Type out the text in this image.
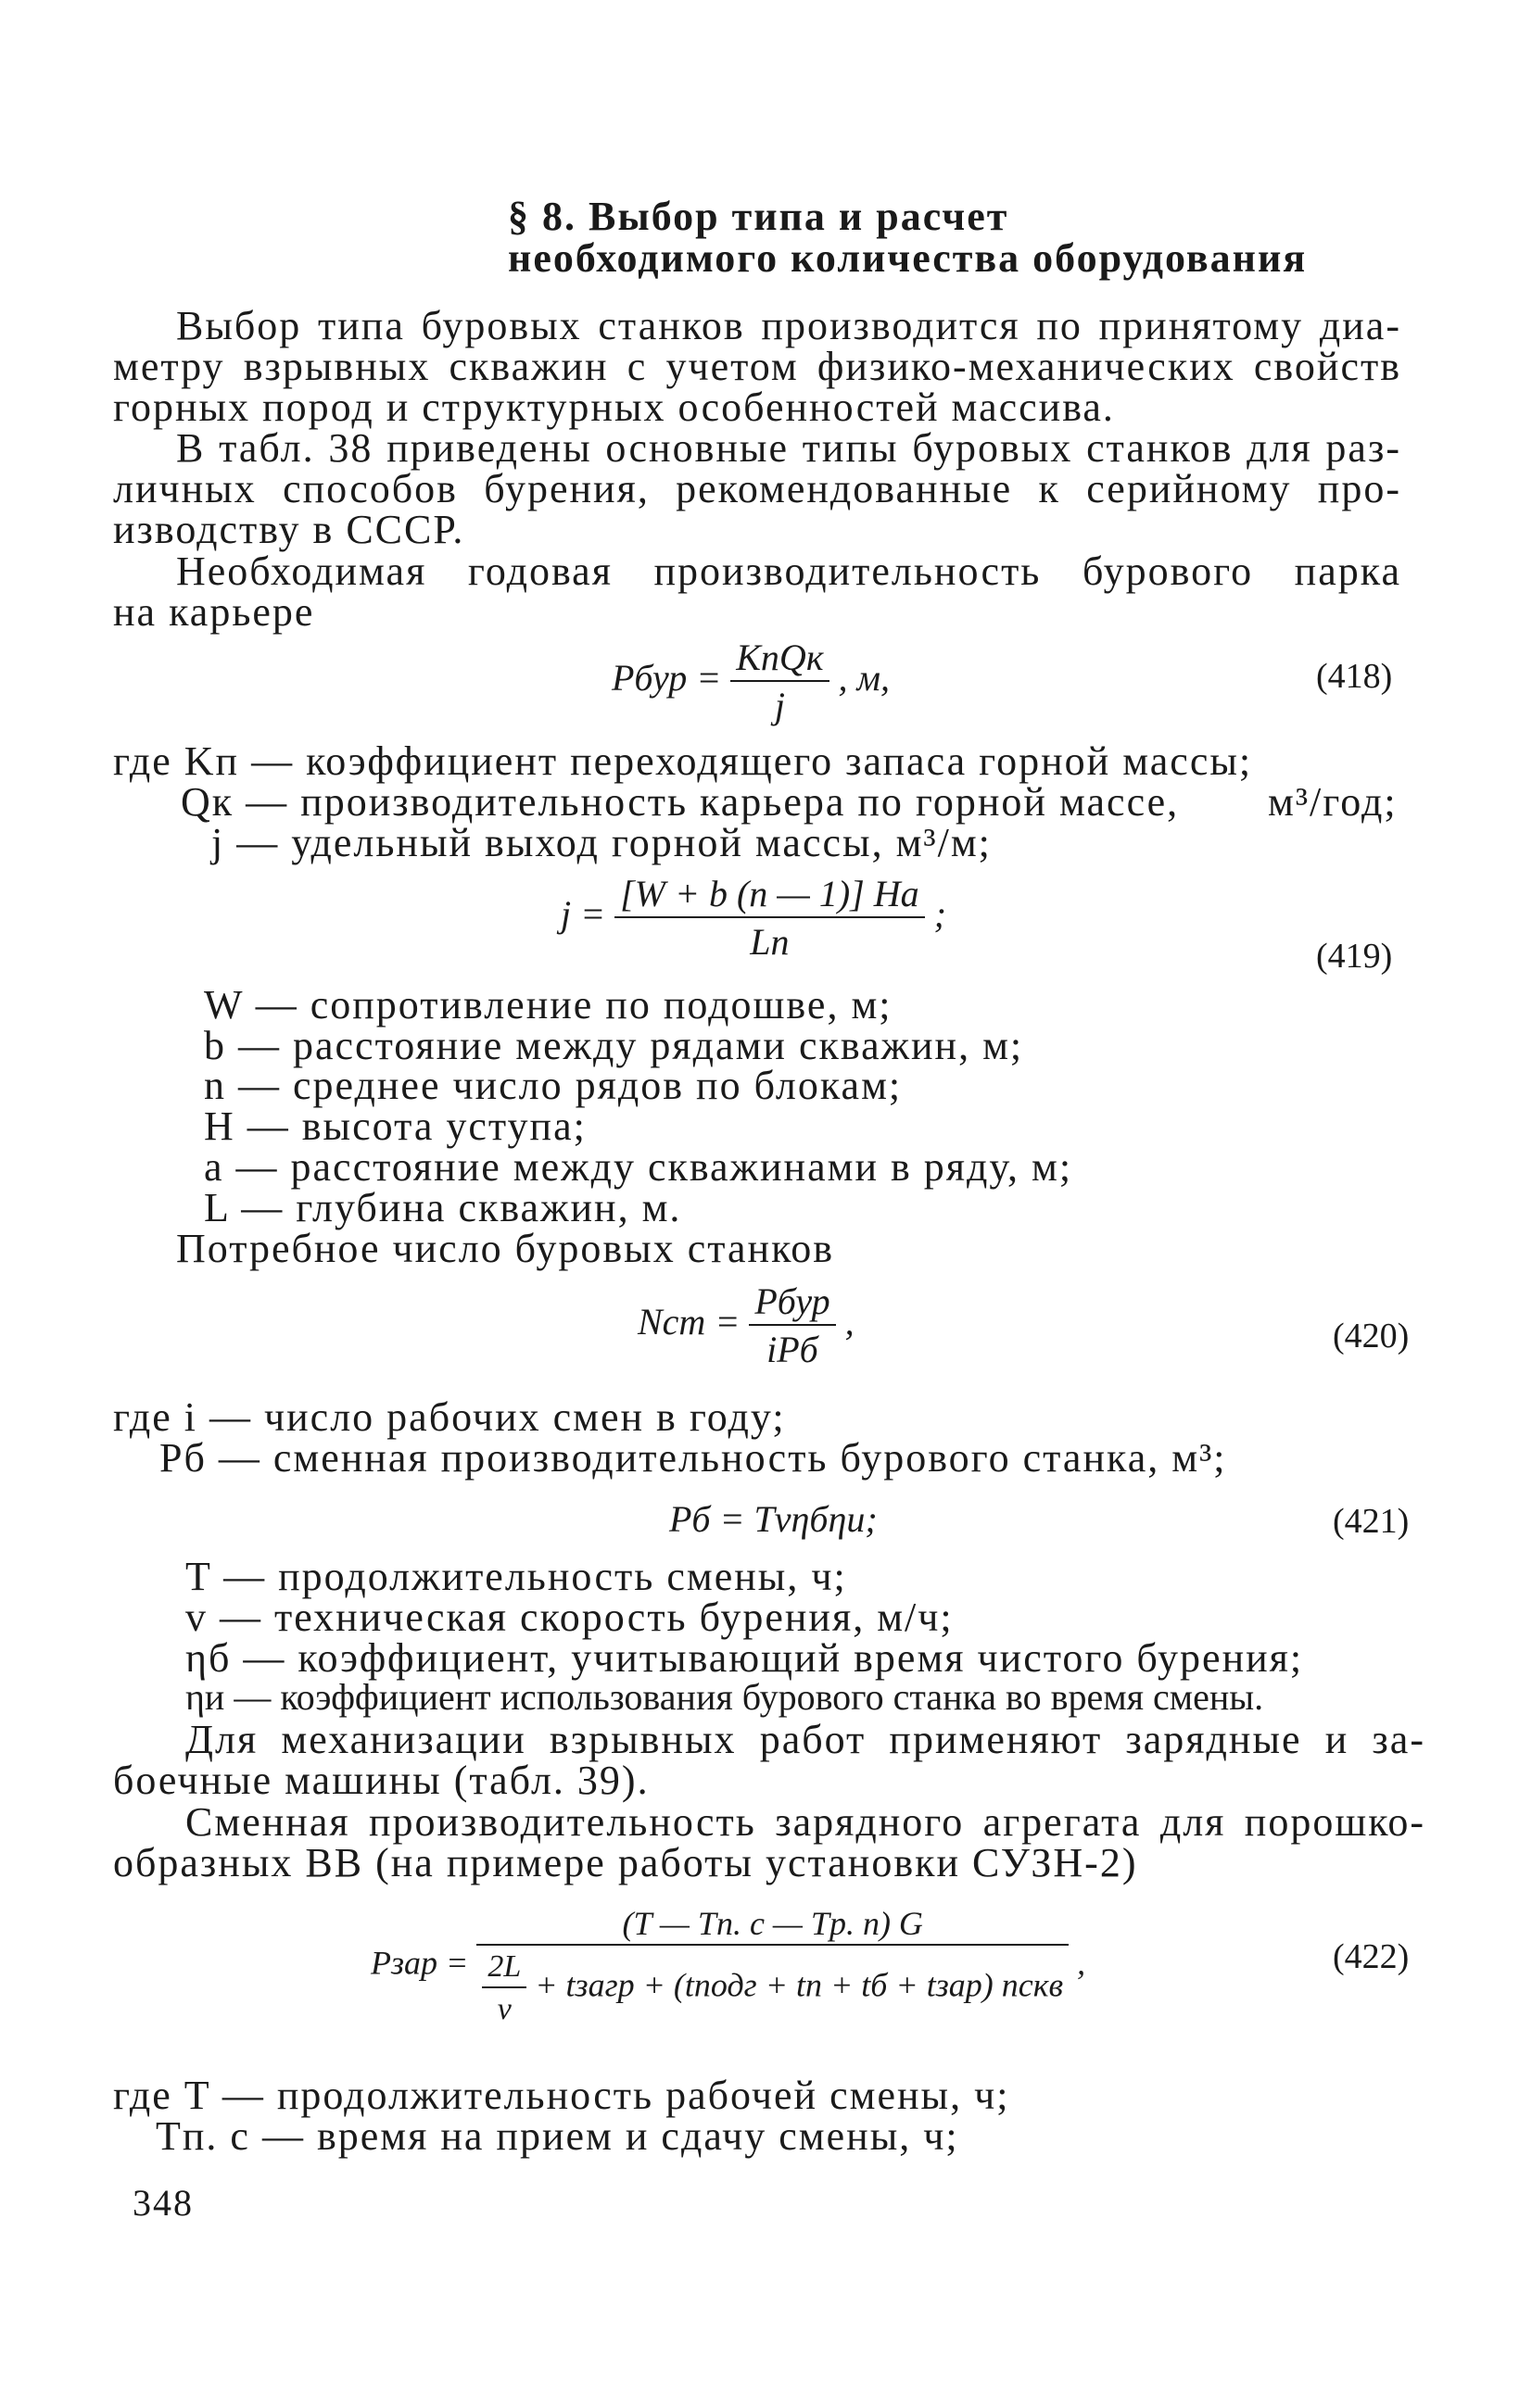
§ 8. Выбор типа и расчет
необходимого количества оборудования
Выбор типа буровых станков производится по принятому диа-
метру взрывных скважин с учетом физико-механических свойств
горных пород и структурных особенностей массива.
В табл. 38 приведены основные типы буровых станков для раз-
личных способов бурения, рекомендованные к серийному про-
изводству в СССР.
Необходимая годовая производительность бурового парка
на карьере
Pбур = $\frac{\text{KпQк}}{j}$ , м,	(418)
где Kп — коэффициент переходящего запаса горной массы;
Qк — производительность карьера по горной массе, м³/год;
j — удельный выход горной массы, м³/м;
$j = \frac{[W + b (n — 1)] Ha}{Ln}$ ;
(419)
W — сопротивление по подошве, м;
b — расстояние между рядами скважин, м;
n — среднее число рядов по блокам;
H — высота уступа;
a — расстояние между скважинами в ряду, м;
L — глубина скважин, м.
Потребное число буровых станков
Nст = $\frac{\text{Pбур}}{\text{iPб}}$ ,	(420)
где i — число рабочих смен в году;
Pб — сменная производительность бурового станка, м³;
Pб = Tvηбηи;	(421)
T — продолжительность смены, ч;
v — техническая скорость бурения, м/ч;
ηб — коэффициент, учитывающий время чистого бурения;
ηи — коэффициент использования бурового станка во время смены.
Для механизации взрывных работ применяют зарядные и за-
боечные машины (табл. 39).
Сменная производительность зарядного агрегата для порошко-
образных ВВ (на примере работы установки СУЗН-2)
Pзар =
(T — Tп. с — Tр. п) G
$\frac{2L}{v}$ + tзагр + (tподг + tп + tб + tзар) nскв
,	(422)
где T — продолжительность рабочей смены, ч;
Tп. с — время на прием и сдачу смены, ч;
348
